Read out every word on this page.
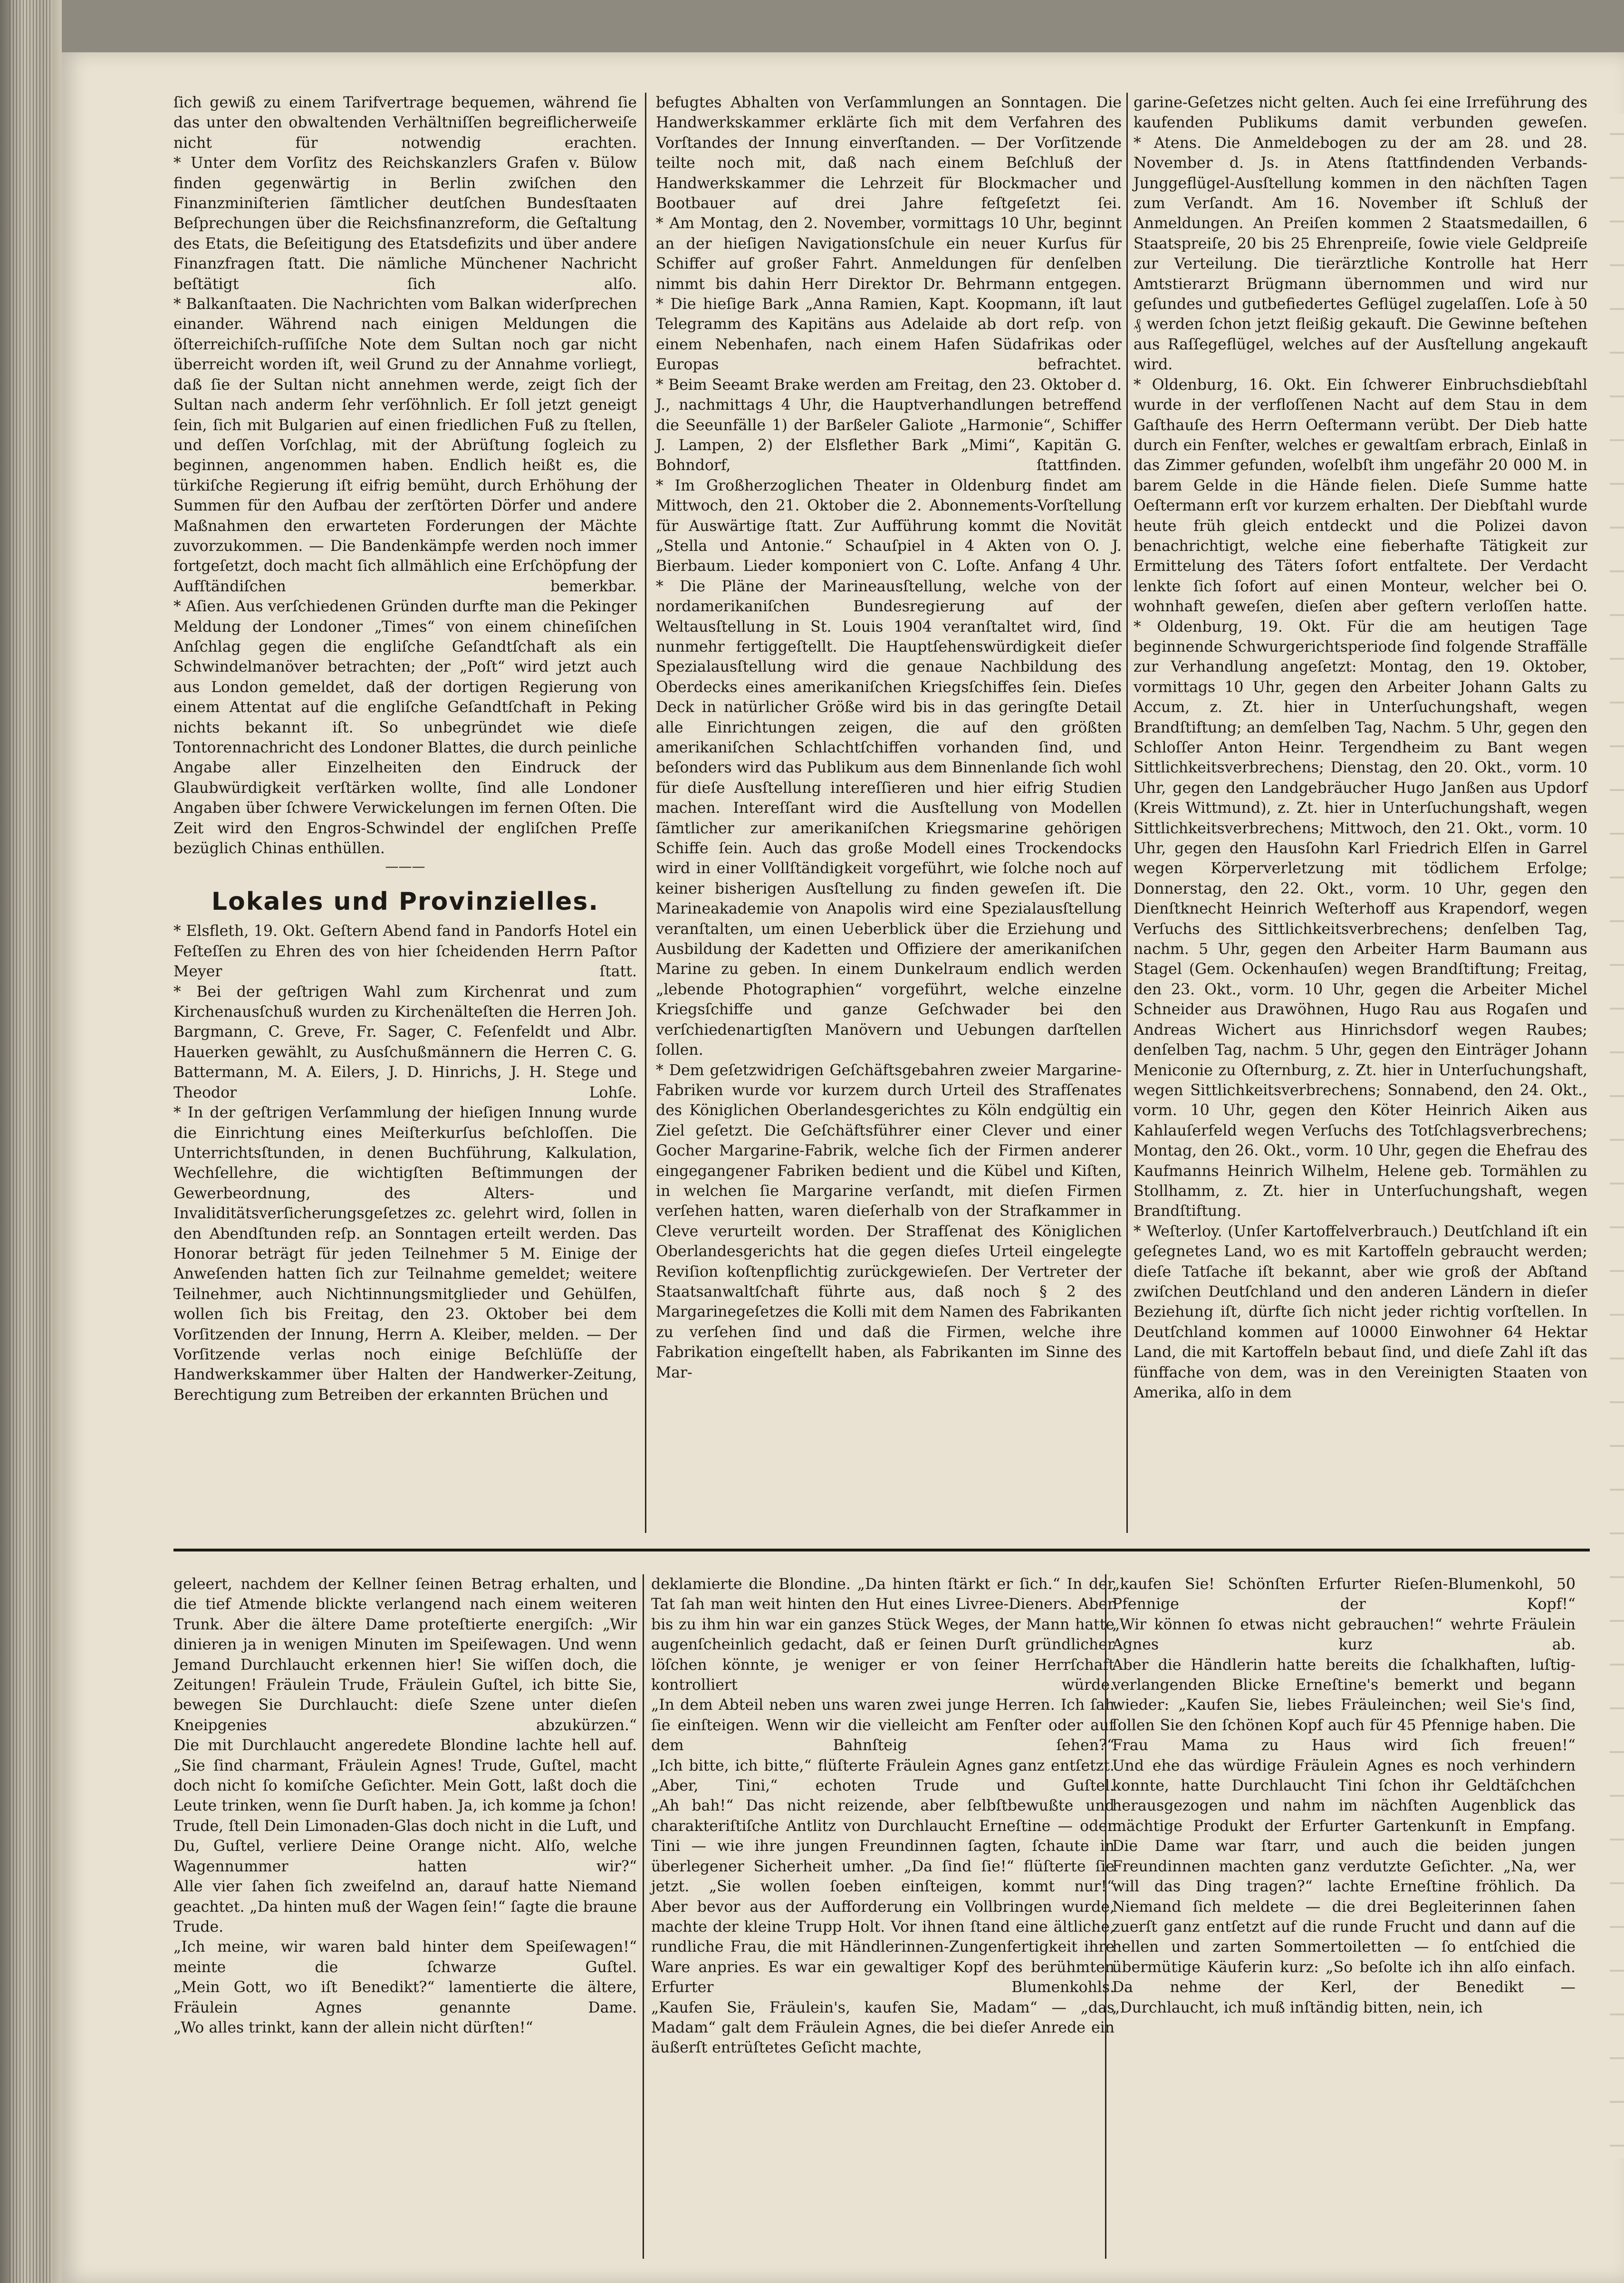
ſich gewiß zu einem Tarifvertrage bequemen, während ſie das unter den obwaltenden Verhältniſſen begreiflicherweiſe nicht für notwendig erachten.

* Unter dem Vorſitz des Reichskanzlers Grafen v. Bülow finden gegenwärtig in Berlin zwiſchen den Finanzminiſterien ſämtlicher deutſchen Bundesſtaaten Beſprechungen über die Reichsfinanzreform, die Geſtaltung des Etats, die Beſeitigung des Etatsdefizits und über andere Finanzfragen ſtatt. Die nämliche Münchener Nachricht beſtätigt ſich alſo.

* Balkanſtaaten. Die Nachrichten vom Balkan widerſprechen einander. Während nach einigen Meldungen die öſterreichiſch-ruſſiſche Note dem Sultan noch gar nicht überreicht worden iſt, weil Grund zu der Annahme vorliegt, daß ſie der Sultan nicht annehmen werde, zeigt ſich der Sultan nach anderm ſehr verſöhnlich. Er ſoll jetzt geneigt ſein, ſich mit Bulgarien auf einen friedlichen Fuß zu ſtellen, und deſſen Vorſchlag, mit der Abrüſtung ſogleich zu beginnen, angenommen haben. Endlich heißt es, die türkiſche Regierung iſt eifrig bemüht, durch Erhöhung der Summen für den Aufbau der zerſtörten Dörfer und andere Maßnahmen den erwarteten Forderungen der Mächte zuvorzukommen. — Die Bandenkämpfe werden noch immer fortgeſetzt, doch macht ſich allmählich eine Erſchöpfung der Aufſtändiſchen bemerkbar.

* Aſien. Aus verſchiedenen Gründen durfte man die Pekinger Meldung der Londoner „Times“ von einem chineſiſchen Anſchlag gegen die engliſche Geſandtſchaft als ein Schwindelmanöver betrachten; der „Poſt“ wird jetzt auch aus London gemeldet, daß der dortigen Regierung von einem Attentat auf die engliſche Geſandtſchaft in Peking nichts bekannt iſt. So unbegründet wie dieſe Tontorennachricht des Londoner Blattes, die durch peinliche Angabe aller Einzelheiten den Eindruck der Glaubwürdigkeit verſtärken wollte, ſind alle Londoner Angaben über ſchwere Verwickelungen im fernen Oſten. Die Zeit wird den Engros-Schwindel der engliſchen Preſſe bezüglich Chinas enthüllen.

———
Lokales und Provinzielles.

* Elsfleth, 19. Okt. Geſtern Abend fand in Pandorfs Hotel ein Feſteſſen zu Ehren des von hier ſcheidenden Herrn Paſtor Meyer ſtatt.

* Bei der geſtrigen Wahl zum Kirchenrat und zum Kirchenausſchuß wurden zu Kirchenälteſten die Herren Joh. Bargmann, C. Greve, Fr. Sager, C. Feſenfeldt und Albr. Hauerken gewählt, zu Ausſchußmännern die Herren C. G. Battermann, M. A. Eilers, J. D. Hinrichs, J. H. Stege und Theodor Lohſe.

* In der geſtrigen Verſammlung der hieſigen Innung wurde die Einrichtung eines Meiſterkurſus beſchloſſen. Die Unterrichtsſtunden, in denen Buchführung, Kalkulation, Wechſellehre, die wichtigſten Beſtimmungen der Gewerbeordnung, des Alters- und Invaliditätsverſicherungsgeſetzes zc. gelehrt wird, ſollen in den Abendſtunden reſp. an Sonntagen erteilt werden. Das Honorar beträgt für jeden Teilnehmer 5 M. Einige der Anweſenden hatten ſich zur Teilnahme gemeldet; weitere Teilnehmer, auch Nichtinnungsmitglieder und Gehülfen, wollen ſich bis Freitag, den 23. Oktober bei dem Vorſitzenden der Innung, Herrn A. Kleiber, melden. — Der Vorſitzende verlas noch einige Beſchlüſſe der Handwerkskammer über Halten der Handwerker-Zeitung, Berechtigung zum Betreiben der erkannten Brüchen und

befugtes Abhalten von Verſammlungen an Sonntagen. Die Handwerkskammer erklärte ſich mit dem Verfahren des Vorſtandes der Innung einverſtanden. — Der Vorſitzende teilte noch mit, daß nach einem Beſchluß der Handwerkskammer die Lehrzeit für Blockmacher und Bootbauer auf drei Jahre feſtgeſetzt ſei.

* Am Montag, den 2. November, vormittags 10 Uhr, beginnt an der hieſigen Navigationsſchule ein neuer Kurſus für Schiffer auf großer Fahrt. Anmeldungen für denſelben nimmt bis dahin Herr Direktor Dr. Behrmann entgegen.

* Die hieſige Bark „Anna Ramien, Kapt. Koopmann, iſt laut Telegramm des Kapitäns aus Adelaide ab dort reſp. von einem Nebenhafen, nach einem Hafen Südafrikas oder Europas befrachtet.

* Beim Seeamt Brake werden am Freitag, den 23. Oktober d. J., nachmittags 4 Uhr, die Hauptverhandlungen betreffend die Seeunfälle 1) der Barßeler Galiote „Harmonie“, Schiffer J. Lampen, 2) der Elsflether Bark „Mimi“, Kapitän G. Bohndorf, ſtattfinden.

* Im Großherzoglichen Theater in Oldenburg findet am Mittwoch, den 21. Oktober die 2. Abonnements-Vorſtellung für Auswärtige ſtatt. Zur Aufführung kommt die Novität „Stella und Antonie.“ Schauſpiel in 4 Akten von O. J. Bierbaum. Lieder komponiert von C. Loſte. Anfang 4 Uhr.

* Die Pläne der Marineausſtellung, welche von der nordamerikaniſchen Bundesregierung auf der Weltausſtellung in St. Louis 1904 veranſtaltet wird, ſind nunmehr fertiggeſtellt. Die Hauptſehenswürdigkeit dieſer Spezialausſtellung wird die genaue Nachbildung des Oberdecks eines amerikaniſchen Kriegsſchiffes ſein. Dieſes Deck in natürlicher Größe wird bis in das geringſte Detail alle Einrichtungen zeigen, die auf den größten amerikaniſchen Schlachtſchiffen vorhanden ſind, und beſonders wird das Publikum aus dem Binnenlande ſich wohl für dieſe Ausſtellung intereſſieren und hier eifrig Studien machen. Intereſſant wird die Ausſtellung von Modellen ſämtlicher zur amerikaniſchen Kriegsmarine gehörigen Schiffe ſein. Auch das große Modell eines Trockendocks wird in einer Vollſtändigkeit vorgeführt, wie ſolche noch auf keiner bisherigen Ausſtellung zu finden geweſen iſt. Die Marineakademie von Anapolis wird eine Spezialausſtellung veranſtalten, um einen Ueberblick über die Erziehung und Ausbildung der Kadetten und Offiziere der amerikaniſchen Marine zu geben. In einem Dunkelraum endlich werden „lebende Photographien“ vorgeführt, welche einzelne Kriegsſchiffe und ganze Geſchwader bei den verſchiedenartigſten Manövern und Uebungen darſtellen ſollen.

* Dem geſetzwidrigen Geſchäftsgebahren zweier Margarine-Fabriken wurde vor kurzem durch Urteil des Strafſenates des Königlichen Oberlandesgerichtes zu Köln endgültig ein Ziel geſetzt. Die Geſchäftsführer einer Clever und einer Gocher Margarine-Fabrik, welche ſich der Firmen anderer eingegangener Fabriken bedient und die Kübel und Kiſten, in welchen ſie Margarine verſandt, mit dieſen Firmen verſehen hatten, waren dieſerhalb von der Strafkammer in Cleve verurteilt worden. Der Strafſenat des Königlichen Oberlandesgerichts hat die gegen dieſes Urteil eingelegte Reviſion koſtenpflichtig zurückgewieſen. Der Vertreter der Staatsanwaltſchaft führte aus, daß noch § 2 des Margarinegeſetzes die Kolli mit dem Namen des Fabrikanten zu verſehen ſind und daß die Firmen, welche ihre Fabrikation eingeſtellt haben, als Fabrikanten im Sinne des Mar-

garine-Geſetzes nicht gelten. Auch ſei eine Irreführung des kaufenden Publikums damit verbunden geweſen.

* Atens. Die Anmeldebogen zu der am 28. und 28. November d. Js. in Atens ſtattfindenden Verbands-Junggeflügel-Ausſtellung kommen in den nächſten Tagen zum Verſandt. Am 16. November iſt Schluß der Anmeldungen. An Preiſen kommen 2 Staatsmedaillen, 6 Staatspreiſe, 20 bis 25 Ehrenpreiſe, ſowie viele Geldpreiſe zur Verteilung. Die tierärztliche Kontrolle hat Herr Amtstierarzt Brügmann übernommen und wird nur geſundes und gutbefiedertes Geflügel zugelaſſen. Loſe à 50 ₰ werden ſchon jetzt fleißig gekauft. Die Gewinne beſtehen aus Raſſegeflügel, welches auf der Ausſtellung angekauft wird.

* Oldenburg, 16. Okt. Ein ſchwerer Einbruchsdiebſtahl wurde in der verfloſſenen Nacht auf dem Stau in dem Gaſthauſe des Herrn Oeſtermann verübt. Der Dieb hatte durch ein Fenſter, welches er gewaltſam erbrach, Einlaß in das Zimmer gefunden, woſelbſt ihm ungefähr 20 000 M. in barem Gelde in die Hände fielen. Dieſe Summe hatte Oeſtermann erſt vor kurzem erhalten. Der Diebſtahl wurde heute früh gleich entdeckt und die Polizei davon benachrichtigt, welche eine fieberhafte Tätigkeit zur Ermittelung des Täters ſofort entfaltete. Der Verdacht lenkte ſich ſofort auf einen Monteur, welcher bei O. wohnhaft geweſen, dieſen aber geſtern verloſſen hatte.

* Oldenburg, 19. Okt. Für die am heutigen Tage beginnende Schwurgerichtsperiode ſind folgende Straffälle zur Verhandlung angeſetzt: Montag, den 19. Oktober, vormittags 10 Uhr, gegen den Arbeiter Johann Galts zu Accum, z. Zt. hier in Unterſuchungshaft, wegen Brandſtiftung; an demſelben Tag, Nachm. 5 Uhr, gegen den Schloſſer Anton Heinr. Tergendheim zu Bant wegen Sittlichkeitsverbrechens; Dienstag, den 20. Okt., vorm. 10 Uhr, gegen den Landgebräucher Hugo Janßen aus Updorf (Kreis Wittmund), z. Zt. hier in Unterſuchungshaft, wegen Sittlichkeitsverbrechens; Mittwoch, den 21. Okt., vorm. 10 Uhr, gegen den Hausſohn Karl Friedrich Elſen in Garrel wegen Körperverletzung mit tödlichem Erfolge; Donnerstag, den 22. Okt., vorm. 10 Uhr, gegen den Dienſtknecht Heinrich Weſterhoff aus Krapendorf, wegen Verſuchs des Sittlichkeitsverbrechens; denſelben Tag, nachm. 5 Uhr, gegen den Arbeiter Harm Baumann aus Stagel (Gem. Ockenhauſen) wegen Brandſtiftung; Freitag, den 23. Okt., vorm. 10 Uhr, gegen die Arbeiter Michel Schneider aus Drawöhnen, Hugo Rau aus Rogaſen und Andreas Wichert aus Hinrichsdorf wegen Raubes; denſelben Tag, nachm. 5 Uhr, gegen den Einträger Johann Meniconie zu Oſternburg, z. Zt. hier in Unterſuchungshaft, wegen Sittlichkeitsverbrechens; Sonnabend, den 24. Okt., vorm. 10 Uhr, gegen den Köter Heinrich Aiken aus Kahlauſerfeld wegen Verſuchs des Totſchlagsverbrechens; Montag, den 26. Okt., vorm. 10 Uhr, gegen die Ehefrau des Kaufmanns Heinrich Wilhelm, Helene geb. Tormählen zu Stollhamm, z. Zt. hier in Unterſuchungshaft, wegen Brandſtiftung.

* Weſterloy. (Unſer Kartoffelverbrauch.) Deutſchland iſt ein geſegnetes Land, wo es mit Kartoffeln gebraucht werden; dieſe Tatſache iſt bekannt, aber wie groß der Abſtand zwiſchen Deutſchland und den anderen Ländern in dieſer Beziehung iſt, dürfte ſich nicht jeder richtig vorſtellen. In Deutſchland kommen auf 10000 Einwohner 64 Hektar Land, die mit Kartoffeln bebaut ſind, und dieſe Zahl iſt das fünffache von dem, was in den Vereinigten Staaten von Amerika, alſo in dem

geleert, nachdem der Kellner ſeinen Betrag erhalten, und die tief Atmende blickte verlangend nach einem weiteren Trunk. Aber die ältere Dame proteſtierte energiſch: „Wir dinieren ja in wenigen Minuten im Speiſewagen. Und wenn Jemand Durchlaucht erkennen hier! Sie wiſſen doch, die Zeitungen! Fräulein Trude, Fräulein Guſtel, ich bitte Sie, bewegen Sie Durchlaucht: dieſe Szene unter dieſen Kneipgenies abzukürzen.“

Die mit Durchlaucht angeredete Blondine lachte hell auf.

„Sie ſind charmant, Fräulein Agnes! Trude, Guſtel, macht doch nicht ſo komiſche Geſichter. Mein Gott, laßt doch die Leute trinken, wenn ſie Durſt haben. Ja, ich komme ja ſchon! Trude, ſtell Dein Limonaden-Glas doch nicht in die Luft, und Du, Guſtel, verliere Deine Orange nicht. Alſo, welche Wagennummer hatten wir?“

Alle vier ſahen ſich zweifelnd an, darauf hatte Niemand geachtet. „Da hinten muß der Wagen ſein!“ ſagte die braune Trude.

„Ich meine, wir waren bald hinter dem Speiſewagen!“ meinte die ſchwarze Guſtel.

„Mein Gott, wo iſt Benedikt?“ lamentierte die ältere, Fräulein Agnes genannte Dame.

„Wo alles trinkt, kann der allein nicht dürſten!“

deklamierte die Blondine. „Da hinten ſtärkt er ſich.“ In der Tat ſah man weit hinten den Hut eines Livree-Dieners. Aber bis zu ihm hin war ein ganzes Stück Weges, der Mann hatte augenſcheinlich gedacht, daß er ſeinen Durſt gründlicher löſchen könnte, je weniger er von ſeiner Herrſchaft kontrolliert würde.

„In dem Abteil neben uns waren zwei junge Herren. Ich ſah ſie einſteigen. Wenn wir die vielleicht am Fenſter oder auf dem Bahnſteig ſehen?“

„Ich bitte, ich bitte,“ flüſterte Fräulein Agnes ganz entſetzt.

„Aber, Tini,“ echoten Trude und Guſtel.

„Ah bah!“ Das nicht reizende, aber ſelbſtbewußte und charakteriſtiſche Antlitz von Durchlaucht Erneſtine — oder Tini — wie ihre jungen Freundinnen ſagten, ſchaute in überlegener Sicherheit umher. „Da ſind ſie!“ flüſterte ſie jetzt. „Sie wollen ſoeben einſteigen, kommt nur!“

Aber bevor aus der Aufforderung ein Vollbringen wurde, machte der kleine Trupp Holt. Vor ihnen ſtand eine ältliche, rundliche Frau, die mit Händlerinnen-Zungenfertigkeit ihre Ware anpries. Es war ein gewaltiger Kopf des berühmten Erfurter Blumenkohls.

„Kaufen Sie, Fräulein's, kaufen Sie, Madam“ — „das Madam“ galt dem Fräulein Agnes, die bei dieſer Anrede ein äußerſt entrüſtetes Geſicht machte,

„kaufen Sie! Schönſten Erfurter Rieſen-Blumenkohl, 50 Pfennige der Kopf!“

„Wir können ſo etwas nicht gebrauchen!“ wehrte Fräulein Agnes kurz ab.

Aber die Händlerin hatte bereits die ſchalkhaften, luſtig-verlangenden Blicke Erneſtine's bemerkt und begann wieder: „Kaufen Sie, liebes Fräuleinchen; weil Sie's ſind, ſollen Sie den ſchönen Kopf auch für 45 Pfennige haben. Die Frau Mama zu Haus wird ſich freuen!“

Und ehe das würdige Fräulein Agnes es noch verhindern konnte, hatte Durchlaucht Tini ſchon ihr Geldtäſchchen herausgezogen und nahm im nächſten Augenblick das mächtige Produkt der Erfurter Gartenkunſt in Empfang.

Die Dame war ſtarr, und auch die beiden jungen Freundinnen machten ganz verdutzte Geſichter. „Na, wer will das Ding tragen?“ lachte Erneſtine fröhlich. Da Niemand ſich meldete — die drei Begleiterinnen ſahen zuerſt ganz entſetzt auf die runde Frucht und dann auf die hellen und zarten Sommertoiletten — ſo entſchied die übermütige Käuferin kurz: „So beſolte ich ihn alſo einfach. Da nehme der Kerl, der Benedikt —

„Durchlaucht, ich muß inſtändig bitten, nein, ich
